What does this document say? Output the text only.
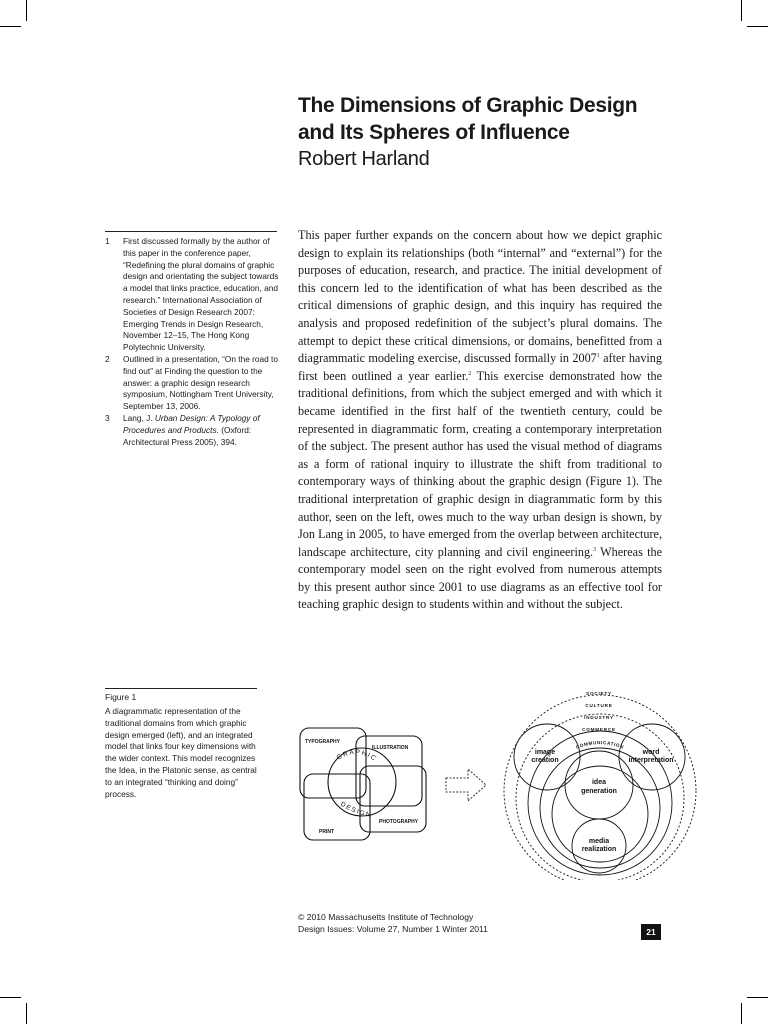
The Dimensions of Graphic Design
and Its Spheres of Influence
Robert Harland
1 First discussed formally by the author of this paper in the conference paper, “Redefining the plural domains of graphic design and orientating the subject towards a model that links practice, education, and research.” International Association of Societies of Design Research 2007: Emerging Trends in Design Research, November 12–15, The Hong Kong Polytechnic University.
2 Outlined in a presentation, “On the road to find out” at Finding the question to the answer: a graphic design research symposium, Nottingham Trent University, September 13, 2006.
3 Lang, J. Urban Design: A Typology of Procedures and Products. (Oxford: Architectural Press 2005), 394.

This paper further expands on the concern about how we depict graphic design to explain its relationships (both “internal” and “external”) for the purposes of education, research, and practice. The initial development of this concern led to the identification of what has been described as the critical dimensions of graphic design, and this inquiry has required the analysis and proposed redefinition of the subject’s plural domains. The attempt to depict these critical dimensions, or domains, benefitted from a diagrammatic modeling exercise, discussed formally in 2007$^1$ after having first been outlined a year earlier.$^2$ This exercise demonstrated how the traditional definitions, from which the subject emerged and with which it became identified in the first half of the twentieth century, could be represented in diagrammatic form, creating a contemporary interpretation of the subject. The present author has used the visual method of diagrams as a form of rational inquiry to illustrate the shift from traditional to contemporary ways of thinking about the graphic design (Figure 1). The traditional interpretation of graphic design in diagrammatic form by this author, seen on the left, owes much to the way urban design is shown, by Jon Lang in 2005, to have emerged from the overlap between architecture, landscape architecture, city planning and civil engineering.$^3$ Whereas the contemporary model seen on the right evolved from numerous attempts by this present author since 2001 to use diagrams as an effective tool for teaching graphic design to students within and without the subject.

Figure 1
A diagrammatic representation of the traditional domains from which graphic design emerged (left), and an integrated model that links four key dimensions with the wider context. This model recognizes the Idea, in the Platonic sense, as central to an integrated “thinking and doing” process.
TYPOGRAPHY
ILLUSTRATION
PRINT
PHOTOGRAPHY
GRAPHIC
DESIGN
SOCIETY
CULTURE
INDUSTRY
COMMERCE
COMMUNICATION
image
creation
word
interpretation
idea
generation
media
realization
© 2010 Massachusetts Institute of Technology
Design Issues: Volume 27, Number 1 Winter 2011	21
